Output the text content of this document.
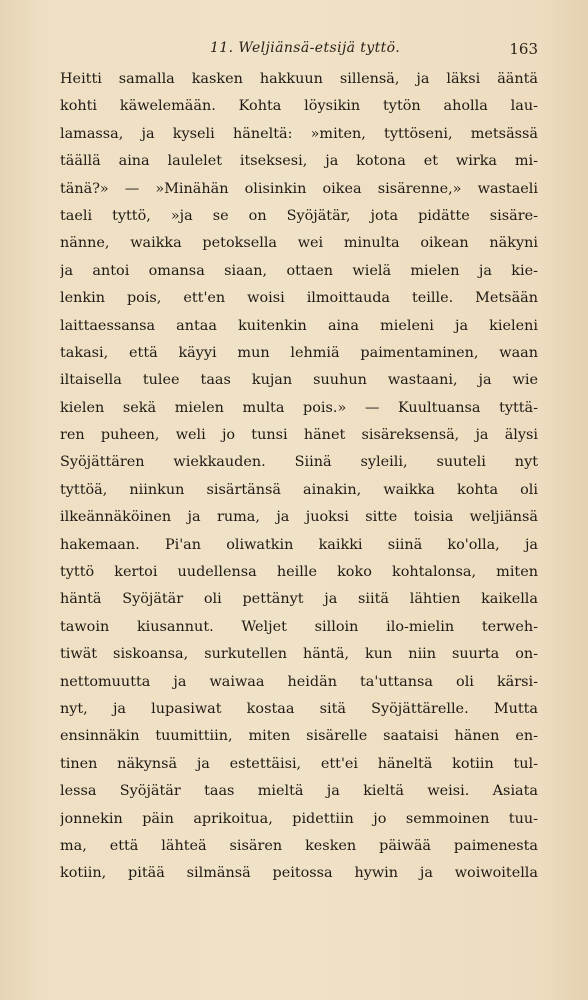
11. Weljiänsä-etsijä tyttö.	163
Heitti samalla kasken hakkuun sillensä, ja läksi ääntä
kohti käwelemään. Kohta löysikin tytön aholla lau-
lamassa, ja kyseli häneltä: »miten, tyttöseni, metsässä
täällä aina laulelet itseksesi, ja kotona et wirka mi-
tänä?» — »Minähän olisinkin oikea sisärenne,» wastaeli
taeli tyttö, »ja se on Syöjätär, jota pidätte sisäre-
nänne, waikka petoksella wei minulta oikean näkyni
ja antoi omansa siaan, ottaen wielä mielen ja kie-
lenkin pois, ett'en woisi ilmoittauda teille. Metsään
laittaessansa antaa kuitenkin aina mieleni ja kieleni
takasi, että käyyi mun lehmiä paimentaminen, waan
iltaisella tulee taas kujan suuhun wastaani, ja wie
kielen sekä mielen multa pois.» — Kuultuansa tyttä-
ren puheen, weli jo tunsi hänet sisäreksensä, ja älysi
Syöjättären wiekkauden. Siinä syleili, suuteli nyt
tyttöä, niinkun sisärtänsä ainakin, waikka kohta oli
ilkeännäköinen ja ruma, ja juoksi sitte toisia weljiänsä
hakemaan. Pi'an oliwatkin kaikki siinä ko'olla, ja
tyttö kertoi uudellensa heille koko kohtalonsa, miten
häntä Syöjätär oli pettänyt ja siitä lähtien kaikella
tawoin kiusannut. Weljet silloin ilo-mielin terweh-
tiwät siskoansa, surkutellen häntä, kun niin suurta on-
nettomuutta ja waiwaa heidän ta'uttansa oli kärsi-
nyt, ja lupasiwat kostaa sitä Syöjättärelle. Mutta
ensinnäkin tuumittiin, miten sisärelle saataisi hänen en-
tinen näkynsä ja estettäisi, ett'ei häneltä kotiin tul-
lessa Syöjätär taas mieltä ja kieltä weisi. Asiata
jonnekin päin aprikoitua, pidettiin jo semmoinen tuu-
ma, että lähteä sisären kesken päiwää paimenesta
kotiin, pitää silmänsä peitossa hywin ja woiwoitella
